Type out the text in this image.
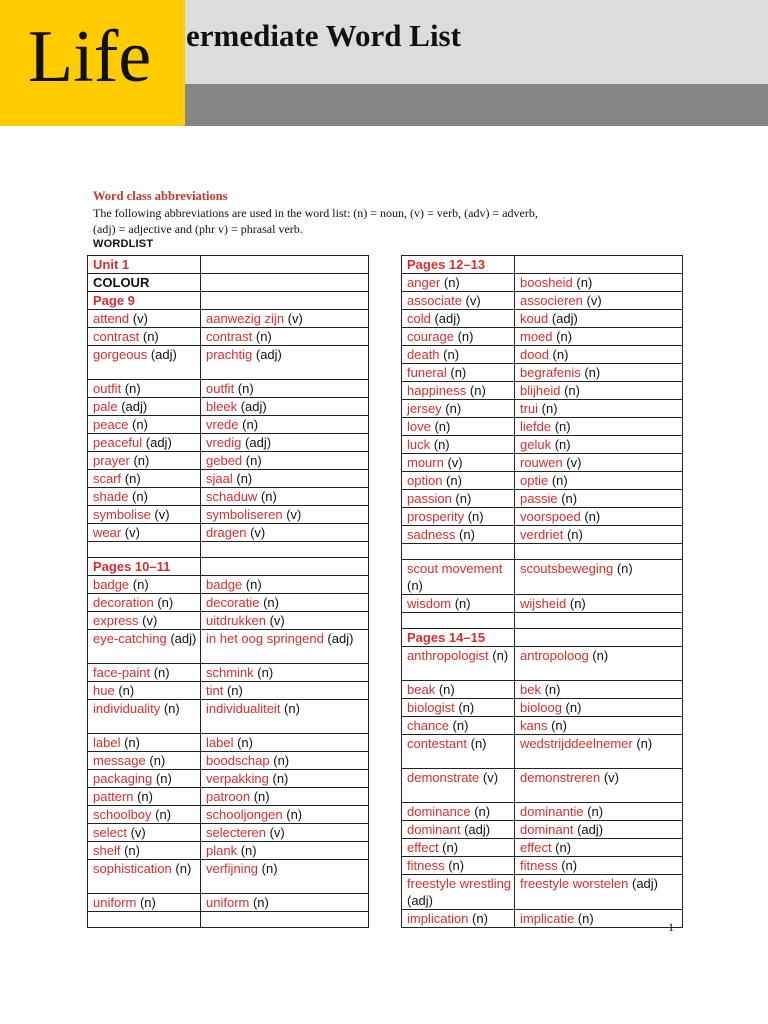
Life ermediate Word List
Word class abbreviations
The following abbreviations are used in the word list: (n) = noun, (v) = verb, (adv) = adverb,
(adj) = adjective and (phr v) = phrasal verb.
WORDLIST
Unit 1	
COLOUR	
Page 9	
attend (v)	aanwezig zijn (v)
contrast (n)	contrast (n)
gorgeous (adj)	prachtig (adj)
outfit (n)	outfit (n)
pale (adj)	bleek (adj)
peace (n)	vrede (n)
peaceful (adj)	vredig (adj)
prayer (n)	gebed (n)
scarf (n)	sjaal (n)
shade (n)	schaduw (n)
symbolise (v)	symboliseren (v)
wear (v)	dragen (v)

Pages 10–11	
badge (n)	badge (n)
decoration (n)	decoratie (n)
express (v)	uitdrukken (v)
eye-catching (adj)	in het oog springend (adj)
face-paint (n)	schmink (n)
hue (n)	tint (n)
individuality (n)	individualiteit (n)
label (n)	label (n)
message (n)	boodschap (n)
packaging (n)	verpakking (n)
pattern (n)	patroon (n)
schoolboy (n)	schooljongen (n)
select (v)	selecteren (v)
shelf (n)	plank (n)
sophistication (n)	verfijning (n)
uniform (n)	uniform (n)

Pages 12–13	
anger (n)	boosheid (n)
associate (v)	associeren (v)
cold (adj)	koud (adj)
courage (n)	moed (n)
death (n)	dood (n)
funeral (n)	begrafenis (n)
happiness (n)	blijheid (n)
jersey (n)	trui (n)
love (n)	liefde (n)
luck (n)	geluk (n)
mourn (v)	rouwen (v)
option (n)	optie (n)
passion (n)	passie (n)
prosperity (n)	voorspoed (n)
sadness (n)	verdriet (n)

scout movement (n)	scoutsbeweging (n)
wisdom (n)	wijsheid (n)

Pages 14–15	
anthropologist (n)	antropoloog (n)
beak (n)	bek (n)
biologist (n)	bioloog (n)
chance (n)	kans (n)
contestant (n)	wedstrijddeelnemer (n)
demonstrate (v)	demonstreren (v)
dominance (n)	dominantie (n)
dominant (adj)	dominant (adj)
effect (n)	effect (n)
fitness (n)	fitness (n)
freestyle wrestling (adj)	freestyle worstelen (adj)
implication (n)	implicatie (n)
1
